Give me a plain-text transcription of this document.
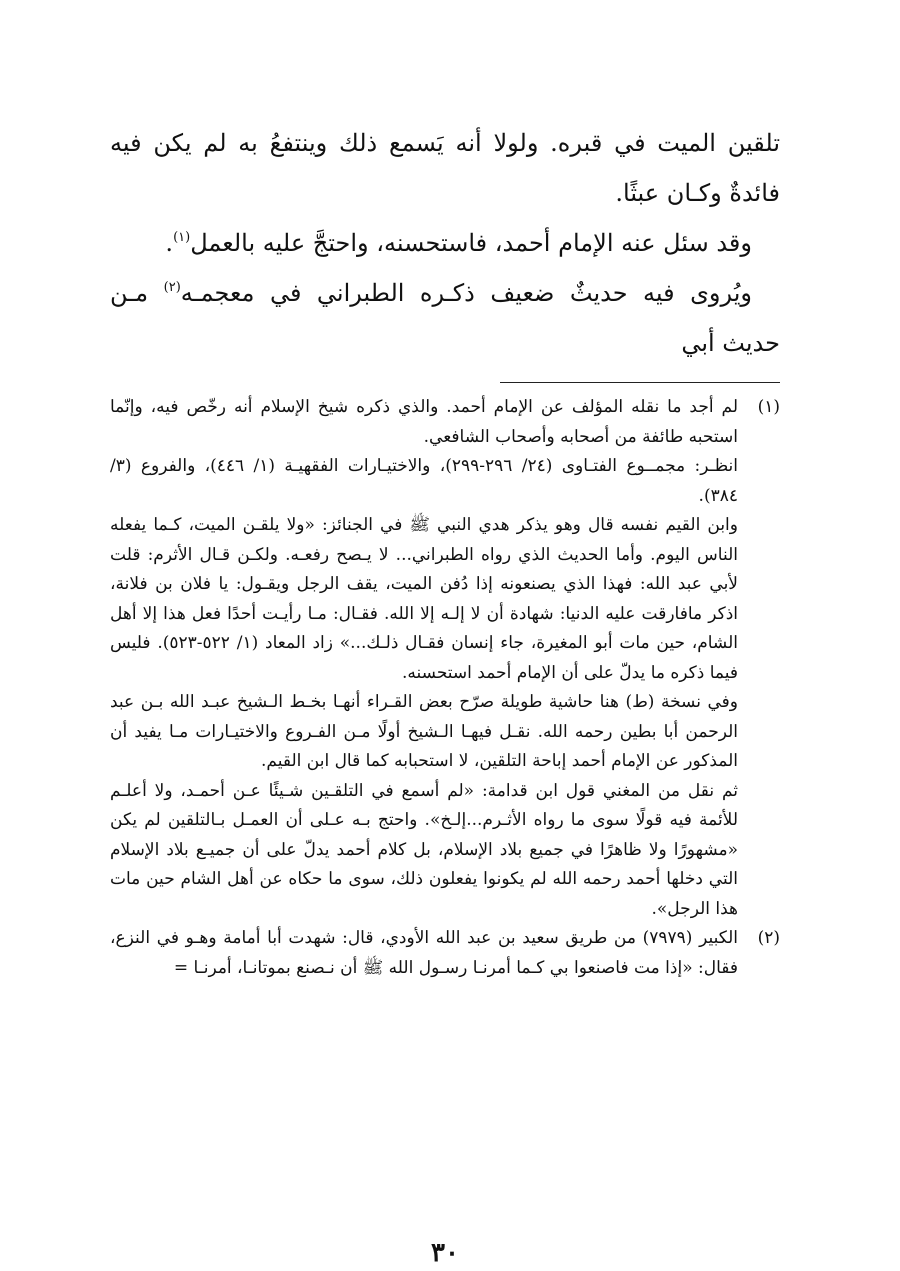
تلقين الميت في قبره. ولولا أنه يَسمع ذلك وينتفعُ به لم يكن فيه فائدةٌ وكـان عبثًا.

وقد سئل عنه الإمام أحمد، فاستحسنه، واحتجَّ عليه بالعمل$^{(١)}$.

ويُروى فيه حديثٌ ضعيف ذكـره الطبراني في معجمـه$^{(٢)}$ مـن حديث أبي

(١)

لم أجد ما نقله المؤلف عن الإمام أحمد. والذي ذكره شيخ الإسلام أنه رخّص فيه، وإنّما استحبه طائفة من أصحابه وأصحاب الشافعي.

انظـر: مجمــوع الفتـاوى (٢٤/ ٢٩٦-٢٩٩)، والاختيـارات الفقهيـة (١/ ٤٤٦)، والفروع (٣/ ٣٨٤).

وابن القيم نفسه قال وهو يذكر هدي النبي ﷺ في الجنائز: «ولا يلقـن الميت، كـما يفعله الناس اليوم. وأما الحديث الذي رواه الطبراني... لا يـصح رفعـه. ولكـن قـال الأثرم: قلت لأبي عبد الله: فهذا الذي يصنعونه إذا دُفن الميت، يقف الرجل ويقـول: يا فلان بن فلانة، اذكر مافارقت عليه الدنيا: شهادة أن لا إلـه إلا الله. فقـال: مـا رأيـت أحدًا فعل هذا إلا أهل الشام، حين مات أبو المغيرة، جاء إنسان فقـال ذلـك...» زاد المعاد (١/ ٥٢٢-٥٢٣). فليس فيما ذكره ما يدلّ على أن الإمام أحمد استحسنه.

وفي نسخة (ط) هنا حاشية طويلة صرّح بعض القـراء أنهـا بخـط الـشيخ عبـد الله بـن عبد الرحمن أبا بطين رحمه الله. نقـل فيهـا الـشيخ أولًا مـن الفـروع والاختيـارات مـا يفيد أن المذكور عن الإمام أحمد إباحة التلقين، لا استحبابه كما قال ابن القيم.

ثم نقل من المغني قول ابن قدامة: «لم أسمع في التلقـين شـيئًا عـن أحمـد، ولا أعلـم للأئمة فيه قولًا سوى ما رواه الأثـرم...إلـخ». واحتج بـه عـلى أن العمـل بـالتلقين لم يكن «مشهورًا ولا ظاهرًا في جميع بلاد الإسلام، بل كلام أحمد يدلّ على أن جميـع بلاد الإسلام التي دخلها أحمد رحمه الله لم يكونوا يفعلون ذلك، سوى ما حكاه عن أهل الشام حين مات هذا الرجل».

(٢)

الكبير (٧٩٧٩) من طريق سعيد بن عبد الله الأودي، قال: شهدت أبا أمامة وهـو في النزع، فقال: «إذا مت فاصنعوا بي كـما أمرنـا رسـول الله ﷺ أن نـصنع بموتانـا، أمرنـا =

٣٠
